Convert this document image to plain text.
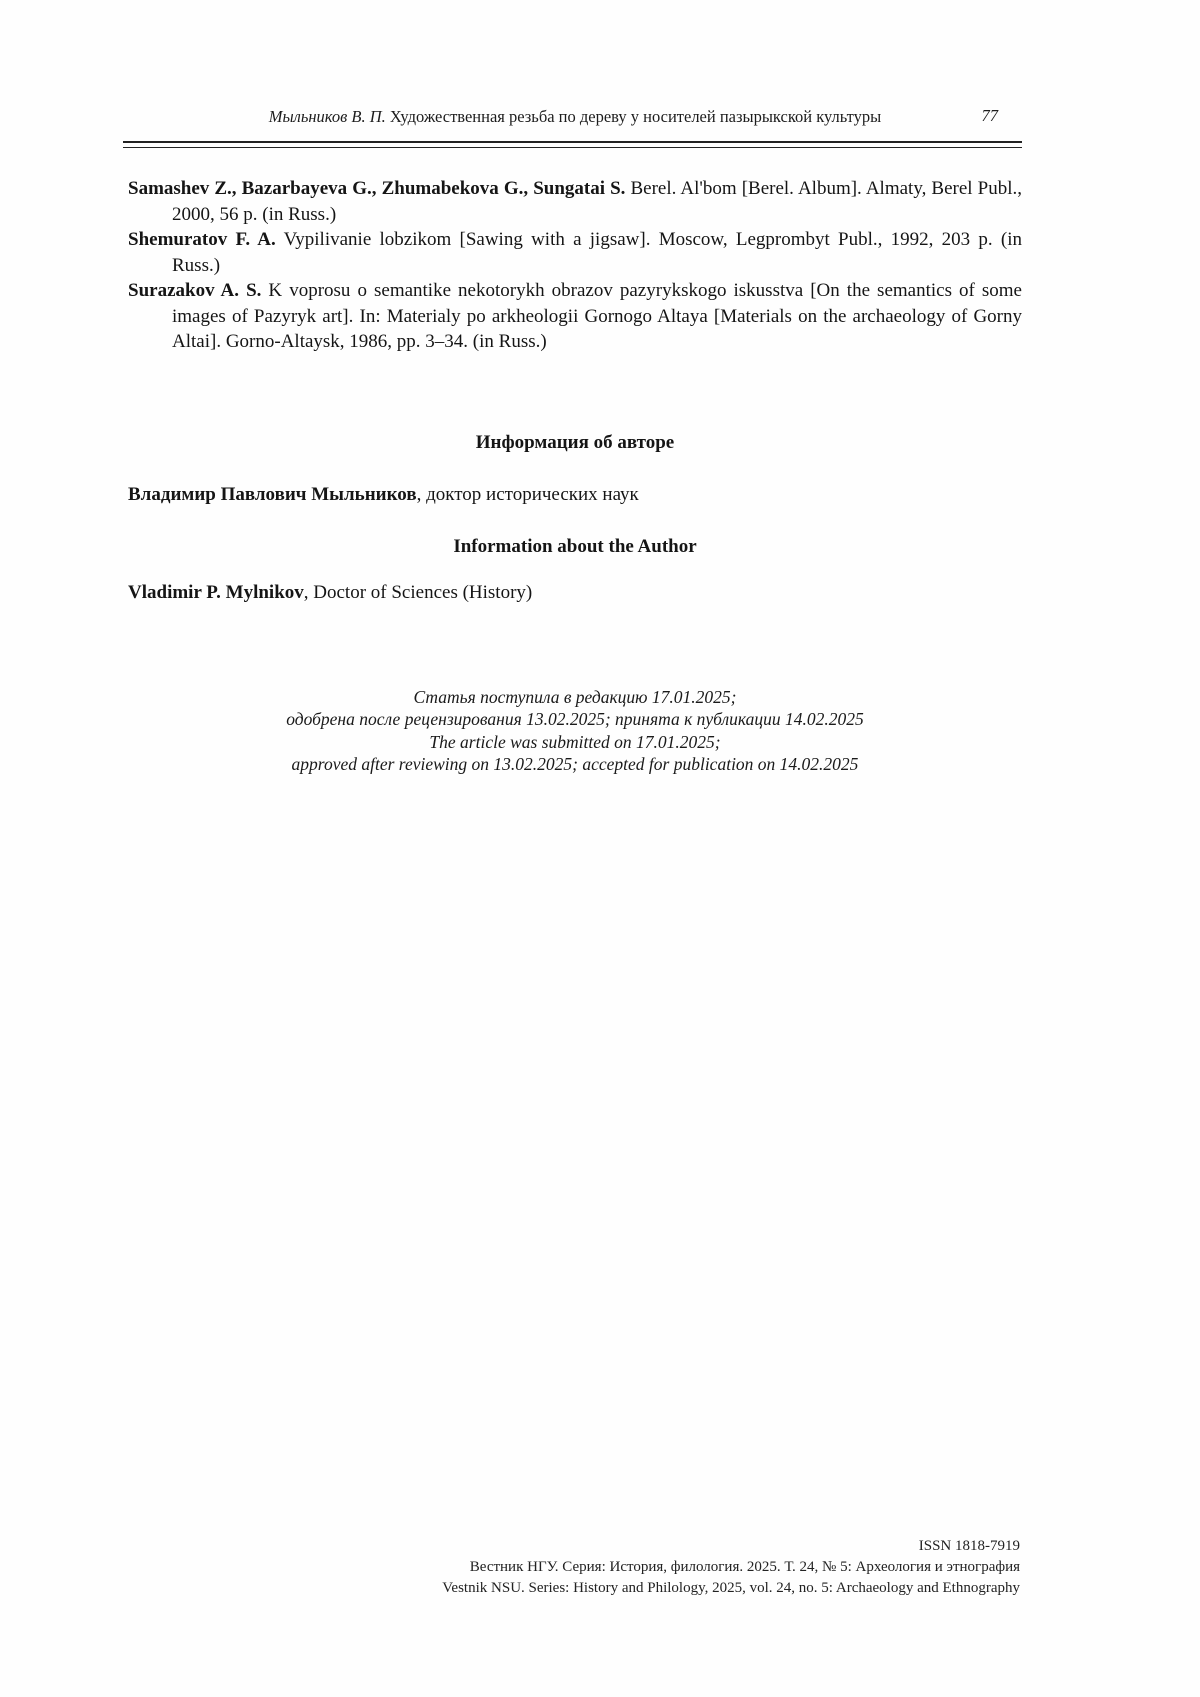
Мыльников В. П. Художественная резьба по дереву у носителей пазырыкской культуры	77

Samashev Z., Bazarbayeva G., Zhumabekova G., Sungatai S. Berel. Al'bom [Berel. Album]. Almaty, Berel Publ., 2000, 56 p. (in Russ.)

Shemuratov F. A. Vypilivanie lobzikom [Sawing with a jigsaw]. Moscow, Legprombyt Publ., 1992, 203 p. (in Russ.)

Surazakov A. S. K voprosu o semantike nekotorykh obrazov pazyrykskogo iskusstva [On the semantics of some images of Pazyryk art]. In: Materialy po arkheologii Gornogo Altaya [Materials on the archaeology of Gorny Altai]. Gorno-Altaysk, 1986, pp. 3–34. (in Russ.)

Информация об авторе
Владимир Павлович Мыльников, доктор исторических наук
Information about the Author
Vladimir P. Mylnikov, Doctor of Sciences (History)
Статья поступила в редакцию 17.01.2025;
одобрена после рецензирования 13.02.2025; принята к публикации 14.02.2025
The article was submitted on 17.01.2025;
approved after reviewing on 13.02.2025; accepted for publication on 14.02.2025
ISSN 1818-7919
Вестник НГУ. Серия: История, филология. 2025. Т. 24, № 5: Археология и этнография
Vestnik NSU. Series: History and Philology, 2025, vol. 24, no. 5: Archaeology and Ethnography
